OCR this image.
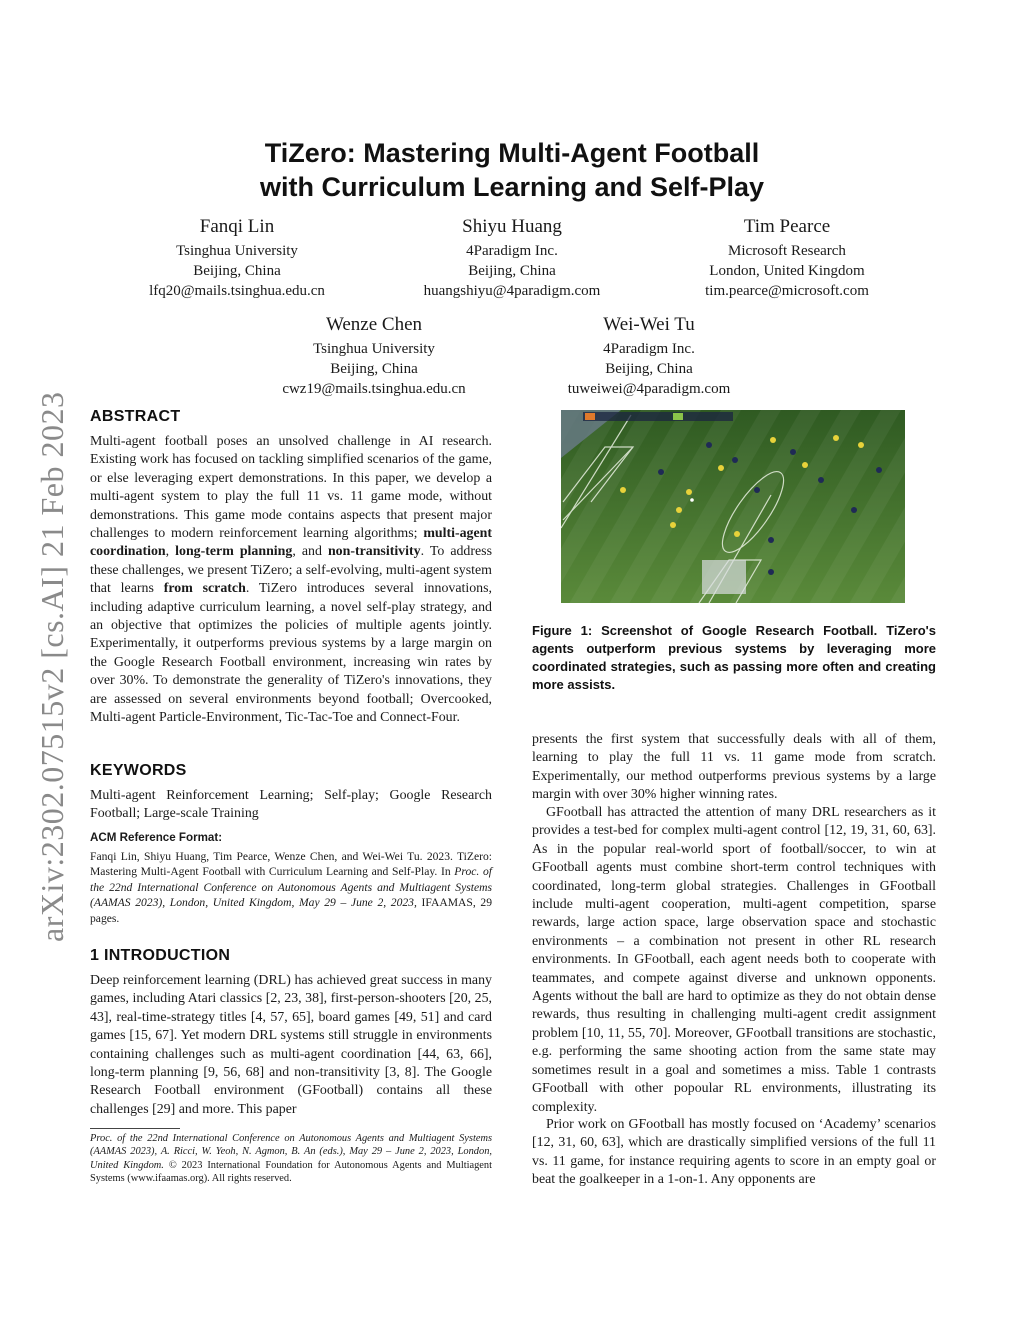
arXiv:2302.07515v2 [cs.AI] 21 Feb 2023
TiZero: Mastering Multi-Agent Football
with Curriculum Learning and Self-Play
Fanqi Lin
Tsinghua University
Beijing, China
lfq20@mails.tsinghua.edu.cn
Shiyu Huang
4Paradigm Inc.
Beijing, China
huangshiyu@4paradigm.com
Tim Pearce
Microsoft Research
London, United Kingdom
tim.pearce@microsoft.com
Wenze Chen
Tsinghua University
Beijing, China
cwz19@mails.tsinghua.edu.cn
Wei-Wei Tu
4Paradigm Inc.
Beijing, China
tuweiwei@4paradigm.com
ABSTRACT
Multi-agent football poses an unsolved challenge in AI research. Existing work has focused on tackling simplified scenarios of the game, or else leveraging expert demonstrations. In this paper, we develop a multi-agent system to play the full 11 vs. 11 game mode, without demonstrations. This game mode contains aspects that present major challenges to modern reinforcement learning algorithms; multi-agent coordination, long-term planning, and non-transitivity. To address these challenges, we present TiZero; a self-evolving, multi-agent system that learns from scratch. TiZero introduces several innovations, including adaptive curriculum learning, a novel self-play strategy, and an objective that optimizes the policies of multiple agents jointly. Experimentally, it outperforms previous systems by a large margin on the Google Research Football environment, increasing win rates by over 30%. To demonstrate the generality of TiZero's innovations, they are assessed on several environments beyond football; Overcooked, Multi-agent Particle-Environment, Tic-Tac-Toe and Connect-Four.
KEYWORDS
Multi-agent Reinforcement Learning; Self-play; Google Research Football; Large-scale Training
ACM Reference Format:
Fanqi Lin, Shiyu Huang, Tim Pearce, Wenze Chen, and Wei-Wei Tu. 2023. TiZero: Mastering Multi-Agent Football with Curriculum Learning and Self-Play. In Proc. of the 22nd International Conference on Autonomous Agents and Multiagent Systems (AAMAS 2023), London, United Kingdom, May 29 – June 2, 2023, IFAAMAS, 29 pages.
1 INTRODUCTION
Deep reinforcement learning (DRL) has achieved great success in many games, including Atari classics [2, 23, 38], first-person-shooters [20, 25, 43], real-time-strategy titles [4, 57, 65], board games [49, 51] and card games [15, 67]. Yet modern DRL systems still struggle in environments containing challenges such as multi-agent coordination [44, 63, 66], long-term planning [9, 56, 68] and non-transitivity [3, 8]. The Google Research Football environment (GFootball) contains all these challenges [29] and more. This paper
Proc. of the 22nd International Conference on Autonomous Agents and Multiagent Systems (AAMAS 2023), A. Ricci, W. Yeoh, N. Agmon, B. An (eds.), May 29 – June 2, 2023, London, United Kingdom. © 2023 International Foundation for Autonomous Agents and Multiagent Systems (www.ifaamas.org). All rights reserved.
Figure 1: Screenshot of Google Research Football. TiZero's agents outperform previous systems by leveraging more coordinated strategies, such as passing more often and creating more assists.
presents the first system that successfully deals with all of them, learning to play the full 11 vs. 11 game mode from scratch. Experimentally, our method outperforms previous systems by a large margin with over 30% higher winning rates.
GFootball has attracted the attention of many DRL researchers as it provides a test-bed for complex multi-agent control [12, 19, 31, 60, 63]. As in the popular real-world sport of football/soccer, to win at GFootball agents must combine short-term control techniques with coordinated, long-term global strategies. Challenges in GFootball include multi-agent cooperation, multi-agent competition, sparse rewards, large action space, large observation space and stochastic environments – a combination not present in other RL research environments. In GFootball, each agent needs both to cooperate with teammates, and compete against diverse and unknown opponents. Agents without the ball are hard to optimize as they do not obtain dense rewards, thus resulting in challenging multi-agent credit assignment problem [10, 11, 55, 70]. Moreover, GFootball transitions are stochastic, e.g. performing the same shooting action from the same state may sometimes result in a goal and sometimes a miss. Table 1 contrasts GFootball with other popoular RL environments, illustrating its complexity.
Prior work on GFootball has mostly focused on ‘Academy’ scenarios [12, 31, 60, 63], which are drastically simplified versions of the full 11 vs. 11 game, for instance requiring agents to score in an empty goal or beat the goalkeeper in a 1-on-1. Any opponents are
